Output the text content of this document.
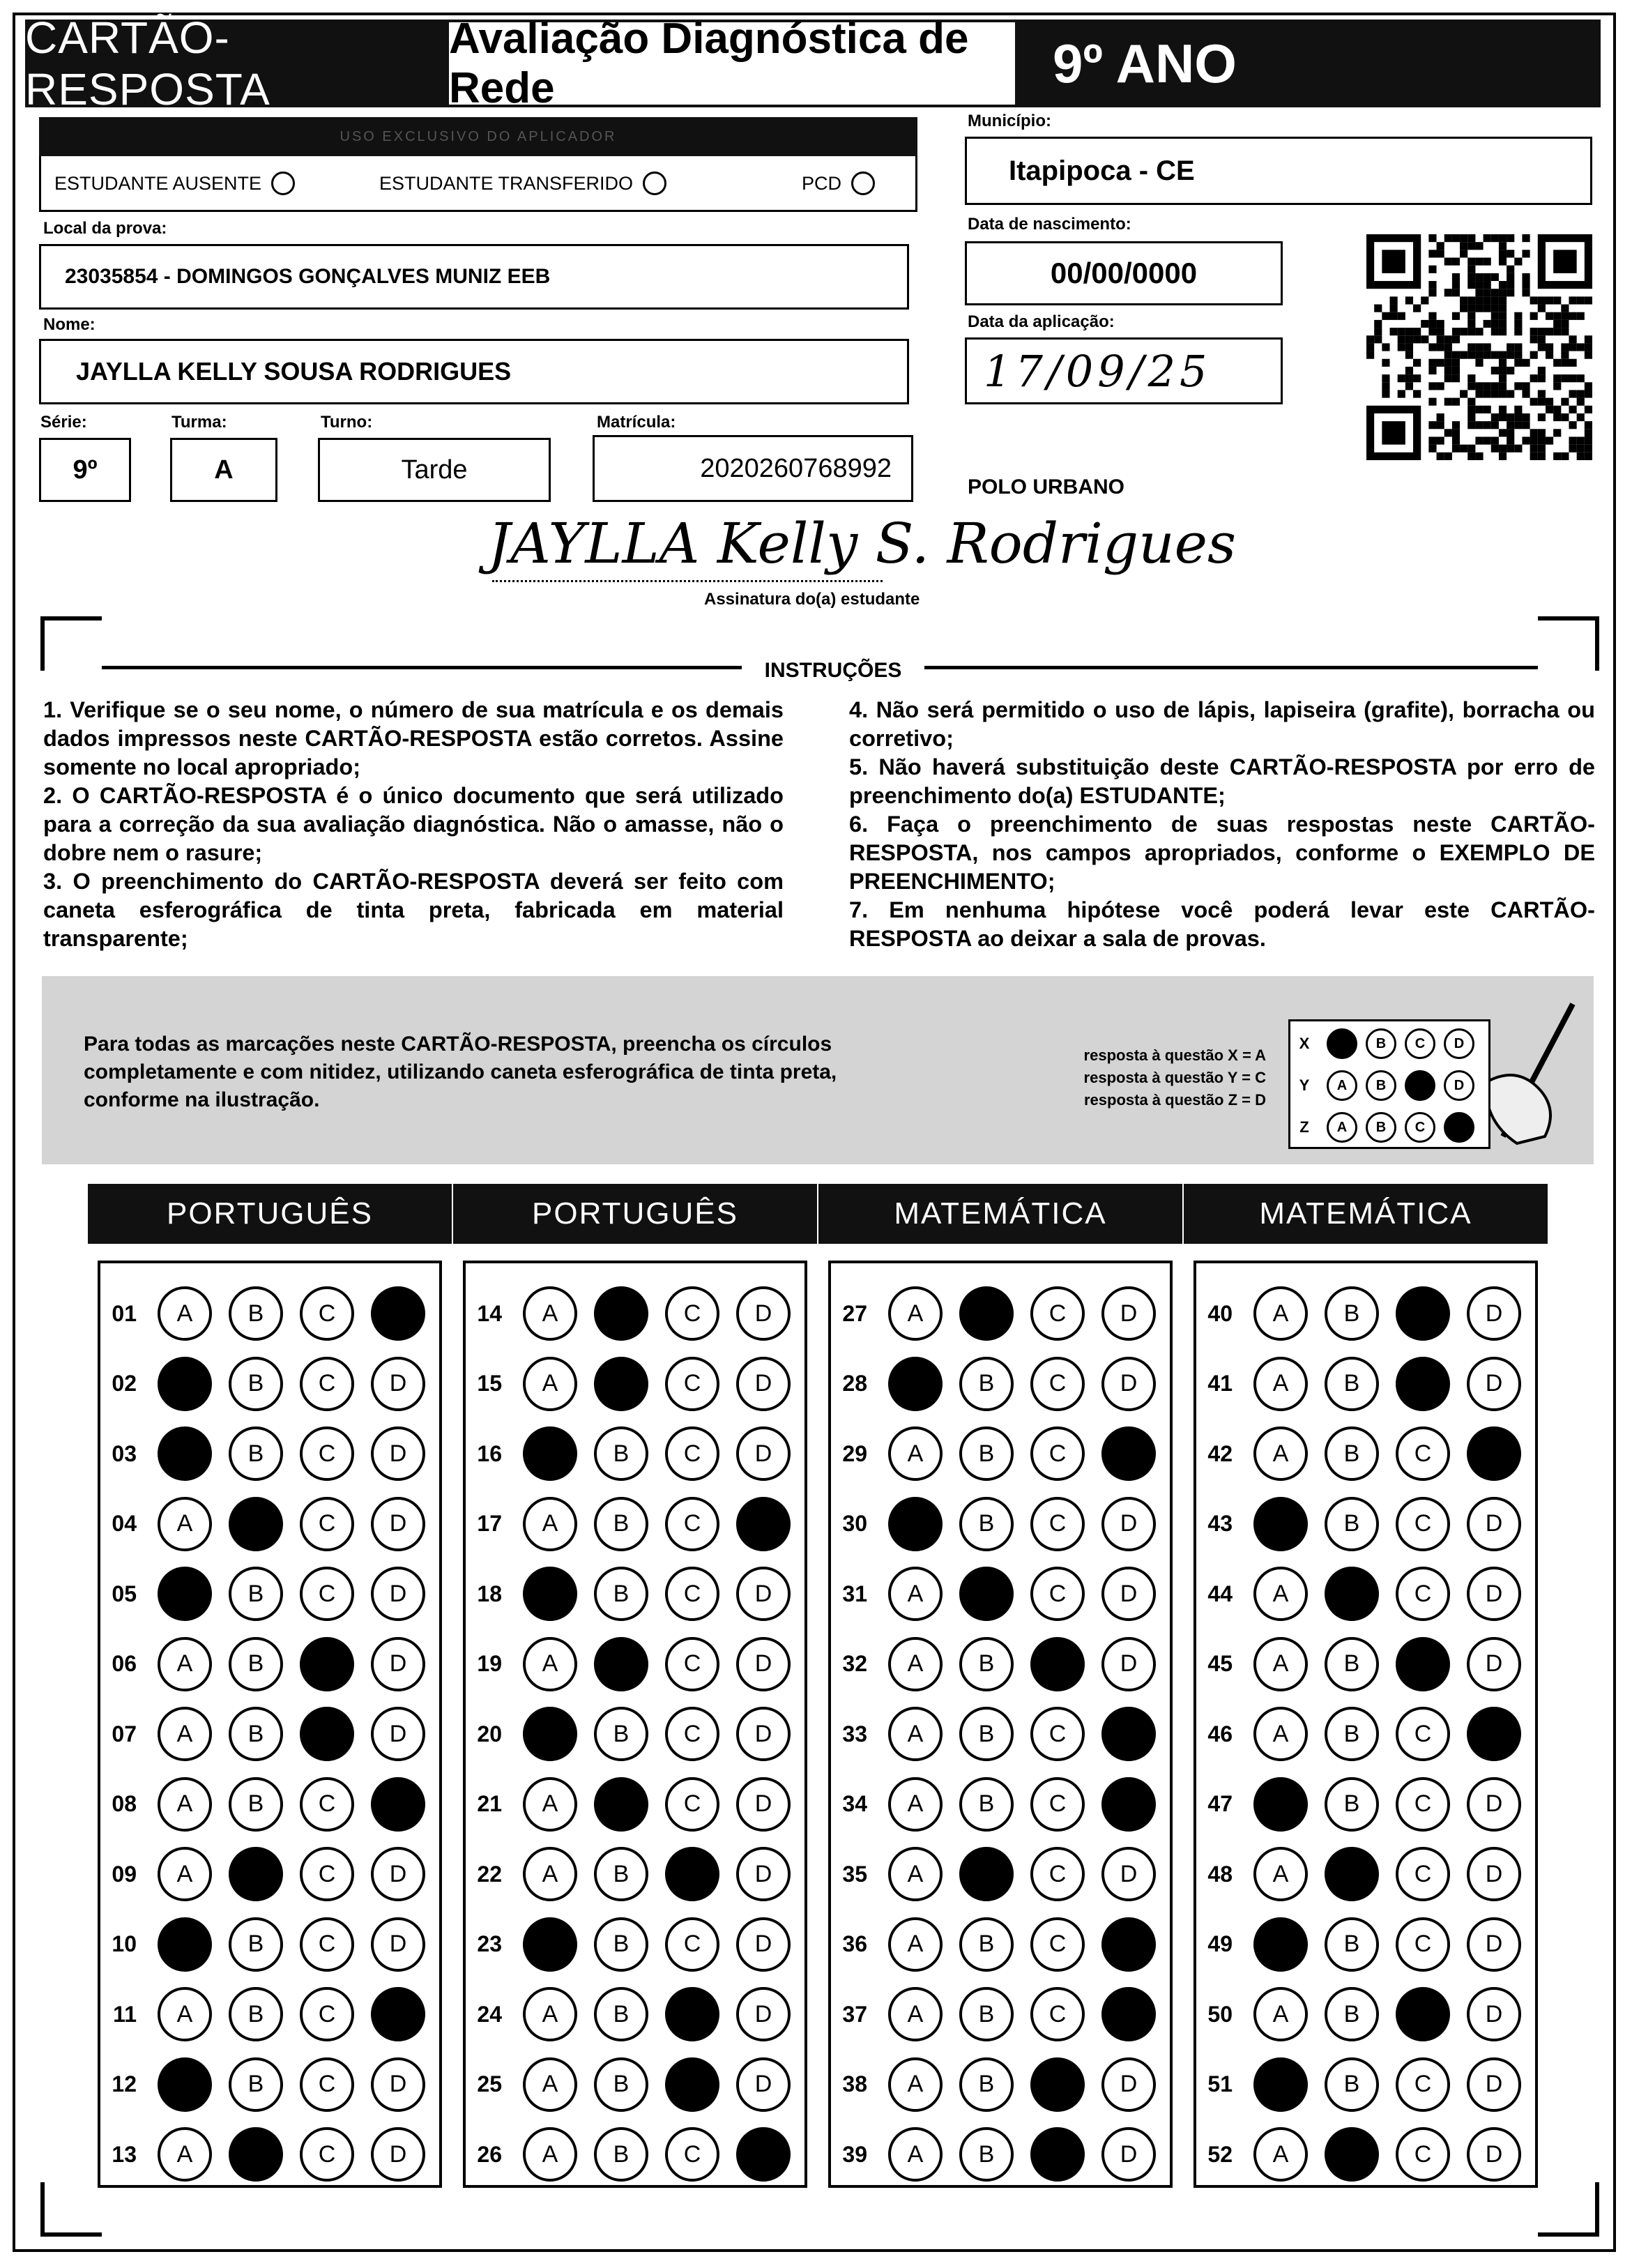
CARTÃO-RESPOSTA
Avaliação Diagnóstica de Rede	9º ANO
USO EXCLUSIVO DO APLICADOR
ESTUDANTE AUSENTE	ESTUDANTE TRANSFERIDO	PCD
Município:
Itapipoca - CE
Local da prova:
23035854 - DOMINGOS GONÇALVES MUNIZ EEB
Data de nascimento:
00/00/0000
Data da aplicação:
17/09/25
Nome:
JAYLLA KELLY SOUSA RODRIGUES
Série:
9º
Turma:
A
Turno:
Tarde
Matrícula:
2020260768992
POLO URBANO
JAYLLA Kelly S. Rodrigues
Assinatura do(a) estudante
INSTRUÇÕES

1. Verifique se o seu nome, o número de sua matrícula e os demais dados impressos neste CARTÃO-RESPOSTA estão corretos. Assine somente no local apropriado;

2. O CARTÃO-RESPOSTA é o único documento que será utilizado para a correção da sua avaliação diagnóstica. Não o amasse, não o dobre nem o rasure;

3. O preenchimento do CARTÃO-RESPOSTA deverá ser feito com caneta esferográfica de tinta preta, fabricada em material transparente;

4. Não será permitido o uso de lápis, lapiseira (grafite), borracha ou corretivo;

5. Não haverá substituição deste CARTÃO-RESPOSTA por erro de preenchimento do(a) ESTUDANTE;

6. Faça o preenchimento de suas respostas neste CARTÃO-RESPOSTA, nos campos apropriados, conforme o EXEMPLO DE PREENCHIMENTO;

7. Em nenhuma hipótese você poderá levar este CARTÃO-RESPOSTA ao deixar a sala de provas.

Para todas as marcações neste CARTÃO-RESPOSTA, preencha os círculos completamente e com nitidez, utilizando caneta esferográfica de tinta preta, conforme na ilustração.
resposta à questão X = A
resposta à questão Y = C
resposta à questão Z = D
X	A	B	C	D
Y	A	B	C	D
Z	A	B	C	D
PORTUGUÊS
01 A B C
02	B C D
03	B C D
04 A	C D
05	B C D
06 A B	D
07 A B	D
08 A B C
09 A	C D
10	B C D
11 A B C
12	B C D
13 A	C D
PORTUGUÊS
14 A	C D
15 A	C D
16	B C D
17 A B C
18	B C D
19 A	C D
20	B C D
21 A	C D
22 A B	D
23	B C D
24 A B	D
25 A B	D
26 A B C
MATEMÁTICA
27 A	C D
28	B C D
29 A B C
30	B C D
31 A	C D
32 A B	D
33 A B C
34 A B C
35 A	C D
36 A B C
37 A B C
38 A B	D
39 A B	D
MATEMÁTICA
40 A B	D
41 A B	D
42 A B C
43	B C D
44 A	C D
45 A B	D
46 A B C
47	B C D
48 A	C D
49	B C D
50 A B	D
51	B C D
52 A	C D
